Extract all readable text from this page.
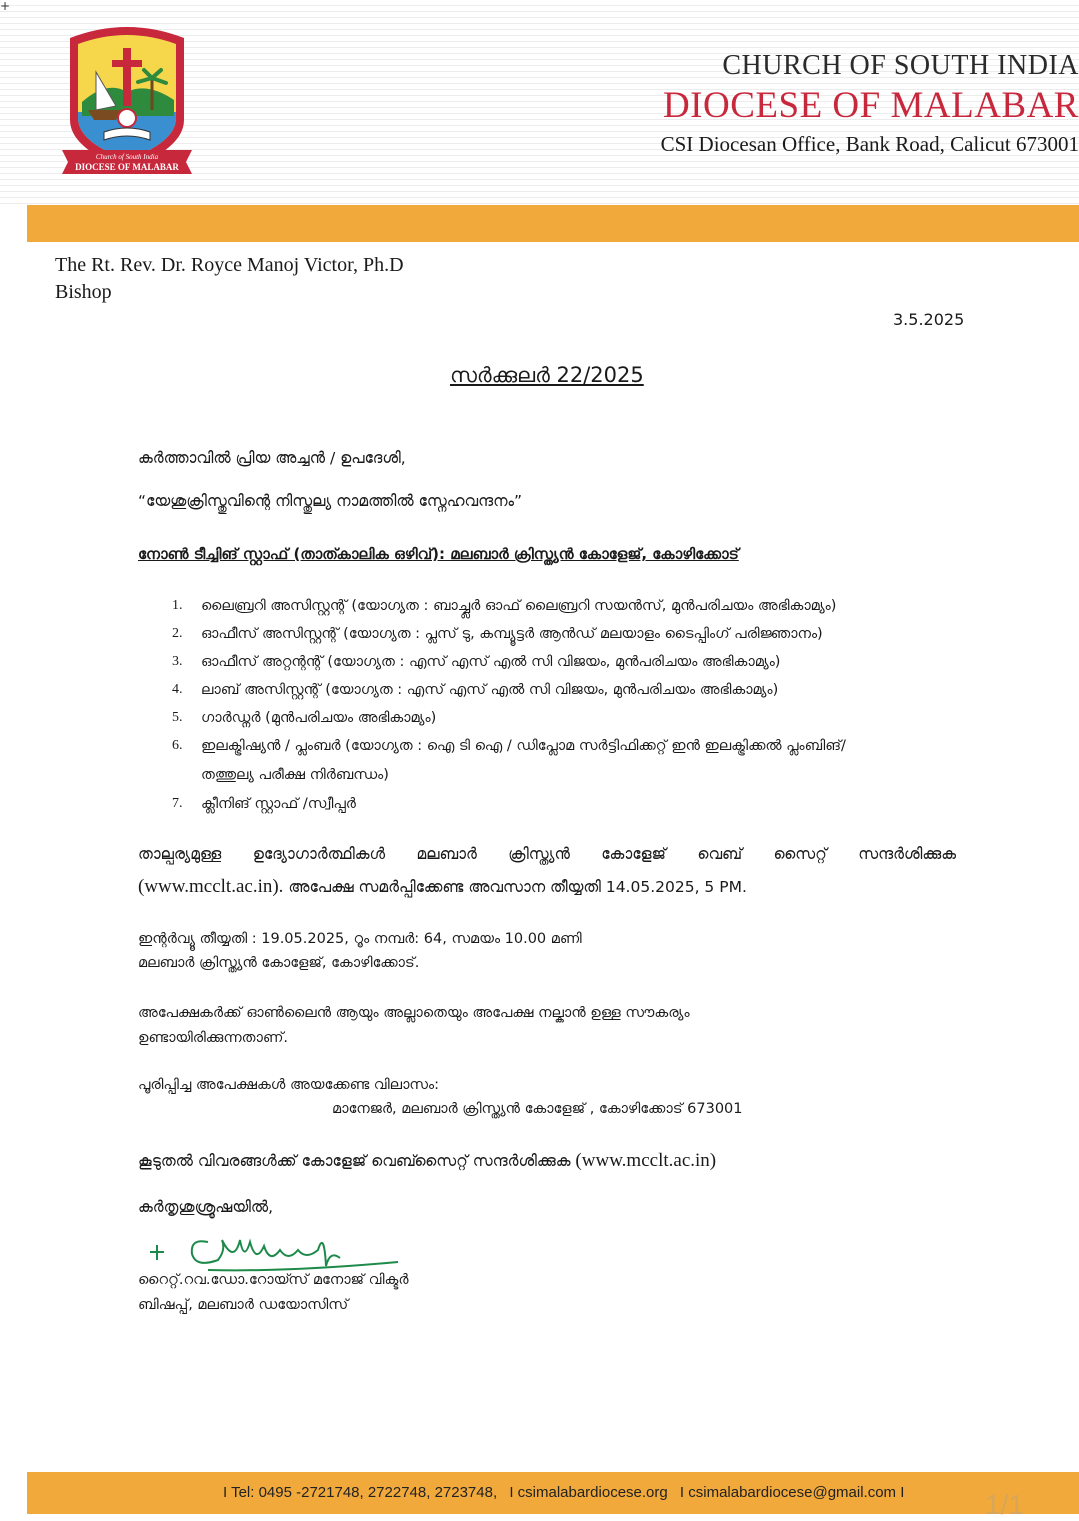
+
Church of South India
DIOCESE OF MALABAR
CHURCH OF SOUTH INDIA
DIOCESE OF MALABAR
CSI Diocesan Office, Bank Road, Calicut 673001
The Rt. Rev. Dr. Royce Manoj Victor, Ph.D
Bishop
3.5.2025
സർക്കുലർ 22/2025
കർത്താവിൽ പ്രിയ അച്ചൻ / ഉപദേശി,
“യേശുക്രിസ്തുവിന്റെ നിസ്തുല്യ നാമത്തിൽ സ്നേഹവന്ദനം”
നോൺ ടീച്ചിങ് സ്റ്റാഫ് (താത്കാലിക ഒഴിവ്): മലബാർ ക്രിസ്ത്യൻ കോളേജ്, കോഴിക്കോട്
1. ലൈബ്രറി അസിസ്റ്റന്റ് (യോഗ്യത : ബാച്ച്ലർ ഓഫ് ലൈബ്രറി സയൻസ്, മുൻപരിചയം അഭികാമ്യം)
2. ഓഫീസ് അസിസ്റ്റന്റ് (യോഗ്യത : പ്ലസ് ടു, കമ്പ്യൂട്ടർ ആൻഡ് മലയാളം ടൈപ്പിംഗ് പരിജ്ഞാനം)
3. ഓഫീസ് അറ്റന്റന്റ് (യോഗ്യത : എസ് എസ് എൽ സി വിജയം, മുൻപരിചയം അഭികാമ്യം)
4. ലാബ് അസിസ്റ്റന്റ് (യോഗ്യത : എസ് എസ് എൽ സി വിജയം, മുൻപരിചയം അഭികാമ്യം)
5. ഗാർഡ്നർ (മുൻപരിചയം അഭികാമ്യം)
6. ഇലക്ട്രിഷ്യൻ / പ്ലംബർ (യോഗ്യത : ഐ ടി ഐ / ഡിപ്ലോമ സർട്ടിഫിക്കറ്റ് ഇൻ ഇലക്ട്രിക്കൽ പ്ലംബിങ്/
തത്തുല്യ പരീക്ഷ നിർബന്ധം)
7. ക്ലീനിങ് സ്റ്റാഫ് /സ്വീപ്പർ
താല്പര്യമുള്ള ഉദ്യോഗാർത്ഥികൾ മലബാർ ക്രിസ്ത്യൻ കോളേജ് വെബ് സൈറ്റ് സന്ദർശിക്കുക
(www.mcclt.ac.in). അപേക്ഷ സമർപ്പിക്കേണ്ട അവസാന തീയ്യതി 14.05.2025, 5 PM.
ഇന്റർവ്യൂ തീയ്യതി : 19.05.2025, റൂം നമ്പർ: 64, സമയം 10.00 മണി
മലബാർ ക്രിസ്ത്യൻ കോളേജ്, കോഴിക്കോട്.
അപേക്ഷകർക്ക് ഓൺലൈൻ ആയും അല്ലാതെയും അപേക്ഷ നല്കാൻ ഉള്ള സൗകര്യം
ഉണ്ടായിരിക്കുന്നതാണ്.
പൂരിപ്പിച്ച അപേക്ഷകൾ അയക്കേണ്ട വിലാസം:
മാനേജർ, മലബാർ ക്രിസ്ത്യൻ കോളേജ് , കോഴിക്കോട് 673001
കൂടുതൽ വിവരങ്ങൾക്ക് കോളേജ് വെബ്സൈറ്റ് സന്ദർശിക്കുക (www.mcclt.ac.in)
കർതൃശുശ്രൂഷയിൽ,
റൈറ്റ്.റവ.ഡോ.റോയ്സ് മനോജ് വിക്ടർ
ബിഷപ്പ്, മലബാർ ഡയോസിസ്
I Tel: 0495 -2721748, 2722748, 2723748, I csimalabardiocese.org I csimalabardiocese@gmail.com I	1/1
